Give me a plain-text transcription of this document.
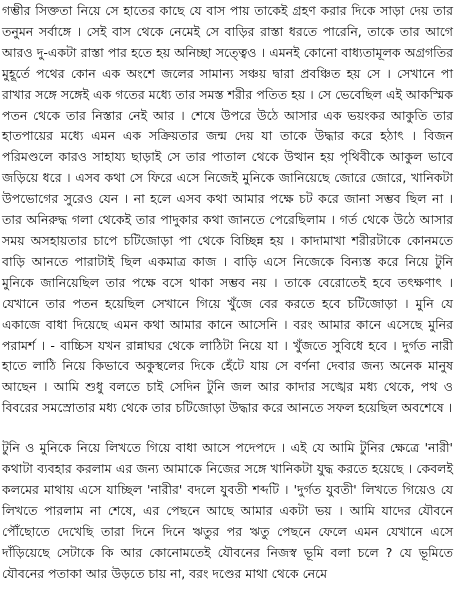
গম্ভীর সিক্ততা নিয়ে সে হাতের কাছে যে বাস পায় তাকেই গ্রহণ করার দিকে সাড়া দেয় তার তনুমন সর্বাঙ্গে । সেই বাস থেকে নেমেই সে বাড়ির রাস্তা ধরতে পারেনি, তাকে তার আগে আরও দু-একটা রাস্তা পার হতে হয় অনিচ্ছা সত্ত্বেও । এমনই কোনো বাধ্যতামূলক অগ্রগতির মুহূর্তে পথের কোন এক অংশে জলের সামান্য সঞ্চয় দ্বারা প্রবঞ্চিত হয় সে । সেখানে পা রাখার সঙ্গে সঙ্গেই এক গতের মধ্যে তার সমস্ত শরীর পতিত হয় । সে ভেবেছিল এই আকস্মিক পতন থেকে তার নিস্তার নেই আর । শেষে উপরে উঠে আসার এক ভয়ংকর আকুতি তার হাতপায়ের মধ্যে এমন এক সক্রিয়তার জন্ম দেয় যা তাকে উদ্ধার করে হঠাৎ । বিজন পরিমণ্ডলে কারও সাহায্য ছাড়াই সে তার পাতাল থেকে উত্থান হয় পৃথিবীকে আকুল ভাবে জড়িয়ে ধরে । এসব কথা সে ফিরে এসে নিজেই মুনিকে জানিয়েছে জোরে জোরে, খানিকটা উপভোগের সুরেও যেন । না হলে এসব কথা আমার পক্ষে চট করে জানা সম্ভব ছিল না । তার অনিরুদ্ধ গলা থেকেই তার পাদুকার কথা জানতে পেরেছিলাম । গর্ত থেকে উঠে আসার সময় অসহায়তার চাপে চটিজোড়া পা থেকে বিচ্ছিন্ন হয় । কাদামাখা শরীরটাকে কোনমতে বাড়ি আনতে পারাটাই ছিল একমাত্র কাজ । বাড়ি এসে নিজেকে বিন্যস্ত করে নিয়ে টুনি মুনিকে জানিয়েছিল তার পক্ষে বসে থাকা সম্ভব নয় । তাকে বেরোতেই হবে তৎক্ষণাৎ । যেখানে তার পতন হয়েছিল সেখানে গিয়ে খুঁজে বের করতে হবে চটিজোড়া । মুনি যে একাজে বাধা দিয়েছে এমন কথা আমার কানে আসেনি । বরং আমার কানে এসেছে মুনির পরামর্শ । - বাচ্চিস যখন রান্নাঘর থেকে লাঠিটা নিয়ে যা । খুঁজতে সুবিধে হবে । দুর্গত নারী হাতে লাঠি নিয়ে কিভাবে অকুস্থলের দিকে হেঁটে যায় সে বর্ণনা দেবার জন্য অনেক মানুষ আছেন । আমি শুধু বলতে চাই সেদিন টুনি জল আর কাদার সঙ্খের মধ্য থেকে, পথ ও বিবরের সমস্রোতার মধ্য থেকে তার চটিজোড়া উদ্ধার করে আনতে সফল হয়েছিল অবশেষে ।

টুনি ও মুনিকে নিয়ে লিখতে গিয়ে বাধা আসে পদেপদে । এই যে আমি টুনির ক্ষেত্রে 'নারী' কথাটা ব্যবহার করলাম এর জন্য আমাকে নিজের সঙ্গে খানিকটা যুদ্ধ করতে হয়েছে । কেবলই কলমের মাথায় এসে যাচ্ছিল 'নারীর' বদলে যুবতী শব্দটি । 'দুর্গত যুবতী' লিখতে গিয়েও যে লিখতে পারলাম না শেষে, এর পেছনে আছে আমার একটা ভয় । আমি যাদের যৌবনে পৌঁছোতে দেখেছি তারা দিনে দিনে ঋতুর পর ঋতু পেছনে ফেলে এমন যেখানে এসে দাঁড়িয়েছে সেটাকে কি আর কোনোমতেই যৌবনের নিজস্ব ভূমি বলা চলে ? যে ভূমিতে যৌবনের পতাকা আর উড়তে চায় না, বরং দণ্ডের মাথা থেকে নেমে
